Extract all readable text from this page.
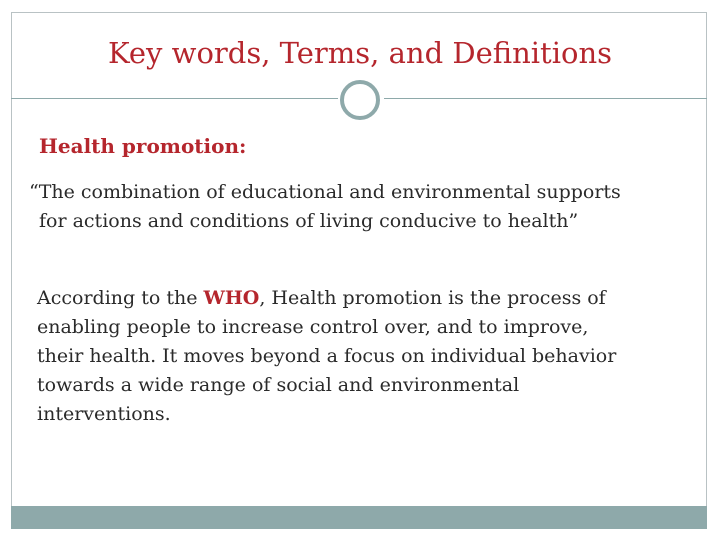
Key words, Terms, and Definitions
Health promotion:
“The combination of educational and environmental supports
for actions and conditions of living conducive to health”
According to the WHO, Health promotion is the process of
enabling people to increase control over, and to improve,
their health. It moves beyond a focus on individual behavior
towards a wide range of social and environmental
interventions.
